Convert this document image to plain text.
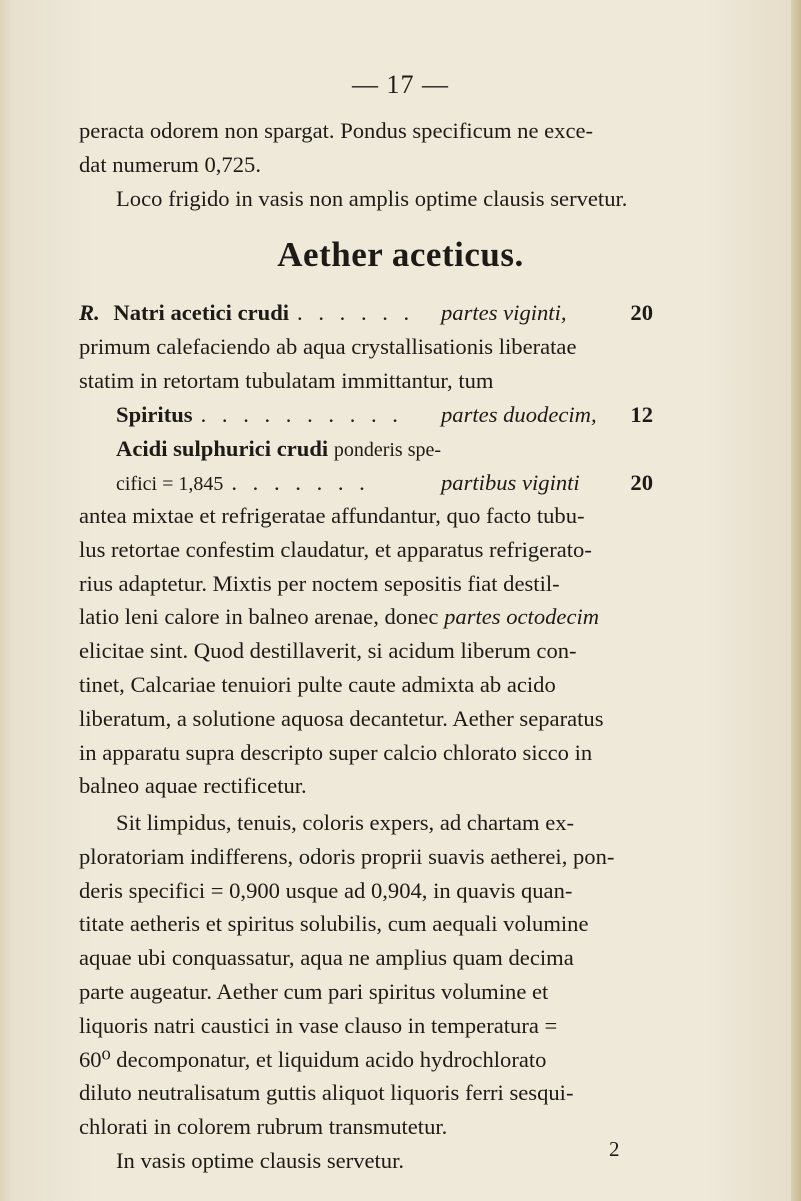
— 17 —

peracta odorem non spargat. Pondus specificum ne exce-

dat numerum 0,725.

Loco frigido in vasis non amplis optime clausis servetur.

Aether aceticus.
R.
Natri acetici crudi . . . . . .	partes viginti,	20
primum calefaciendo ab aqua crystallisationis liberatae
statim in retortam tubulatam immittantur, tum
Spiritus . . . . . . . . . .	partes duodecim,	12
Acidi sulphurici crudi
ponderis spe-
cifici = 1,845 . . . . . . .	partibus viginti	20

antea mixtae et refrigeratae affundantur, quo facto tubu-

lus retortae confestim claudatur, et apparatus refrigerato-

rius adaptetur. Mixtis per noctem sepositis fiat destil-

latio leni calore in balneo arenae, donec partes octodecim

elicitae sint. Quod destillaverit, si acidum liberum con-

tinet, Calcariae tenuiori pulte caute admixta ab acido

liberatum, a solutione aquosa decantetur. Aether separatus

in apparatu supra descripto super calcio chlorato sicco in

balneo aquae rectificetur.

Sit limpidus, tenuis, coloris expers, ad chartam ex-

ploratoriam indifferens, odoris proprii suavis aetherei, pon-

deris specifici = 0,900 usque ad 0,904, in quavis quan-

titate aetheris et spiritus solubilis, cum aequali volumine

aquae ubi conquassatur, aqua ne amplius quam decima

parte augeatur. Aether cum pari spiritus volumine et

liquoris natri caustici in vase clauso in temperatura =

60⁰ decomponatur, et liquidum acido hydrochlorato

diluto neutralisatum guttis aliquot liquoris ferri sesqui-

chlorati in colorem rubrum transmutetur.

In vasis optime clausis servetur.	2
